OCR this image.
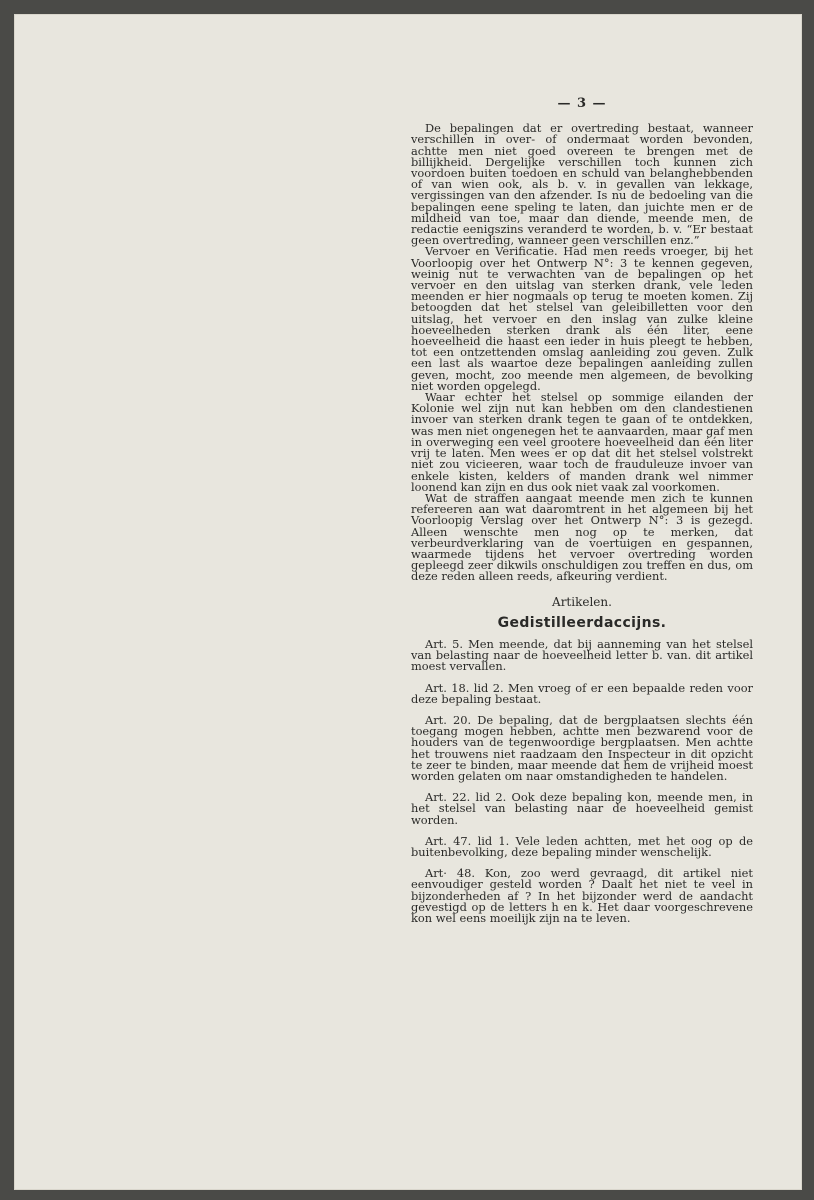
— 3 —

De bepalingen dat er overtreding bestaat, wanneer verschillen in over- of ondermaat worden bevonden, achtte men niet goed overeen te brengen met de billijkheid. Dergelijke verschillen toch kunnen zich voordoen buiten toedoen en schuld van belanghebbenden of van wien ook, als b. v. in gevallen van lekkage, vergissingen van den afzender. Is nu de bedoeling van die bepalingen eene speling te laten, dan juichte men er de mildheid van toe, maar dan diende, meende men, de redactie eenigszins veranderd te worden, b. v. “Er bestaat geen overtreding, wanneer geen verschillen enz.”

Vervoer en Verificatie. Had men reeds vroeger, bij het Voorloopig over het Ontwerp N°: 3 te kennen gegeven, weinig nut te verwachten van de bepalingen op het vervoer en den uitslag van sterken drank, vele leden meenden er hier nogmaals op terug te moeten komen. Zij betoogden dat het stelsel van geleibilletten voor den uitslag, het vervoer en den inslag van zulke kleine hoeveelheden sterken drank als één liter, eene hoeveelheid die haast een ieder in huis pleegt te hebben, tot een ontzettenden omslag aanleiding zou geven. Zulk een last als waartoe deze bepalingen aanleiding zullen geven, mocht, zoo meende men algemeen, de bevolking niet worden opgelegd.

Waar echter het stelsel op sommige eilanden der Kolonie wel zijn nut kan hebben om den clandestienen invoer van sterken drank tegen te gaan of te ontdekken, was men niet ongenegen het te aanvaarden, maar gaf men in overweging een veel grootere hoeveelheid dan één liter vrij te laten. Men wees er op dat dit het stelsel volstrekt niet zou vicieeren, waar toch de frauduleuze invoer van enkele kisten, kelders of manden drank wel nimmer loonend kan zijn en dus ook niet vaak zal voorkomen.

Wat de straffen aangaat meende men zich te kunnen refereeren aan wat daaromtrent in het algemeen bij het Voorloopig Verslag over het Ontwerp N°: 3 is gezegd. Alleen wenschte men nog op te merken, dat verbeurdverklaring van de voertuigen en gespannen, waarmede tijdens het vervoer overtreding worden gepleegd zeer dikwils onschuldigen zou treffen en dus, om deze reden alleen reeds, afkeuring verdient.

Artikelen.
Gedistilleerdaccijns.

Art. 5. Men meende, dat bij aanneming van het stelsel van belasting naar de hoeveelheid letter b. van. dit artikel moest vervallen.

Art. 18. lid 2. Men vroeg of er een bepaalde reden voor deze bepaling bestaat.

Art. 20. De bepaling, dat de bergplaatsen slechts één toegang mogen hebben, achtte men bezwarend voor de houders van de tegenwoordige bergplaatsen. Men achtte het trouwens niet raadzaam den Inspecteur in dit opzicht te zeer te binden, maar meende dat hem de vrijheid moest worden gelaten om naar omstandigheden te handelen.

Art. 22. lid 2. Ook deze bepaling kon, meende men, in het stelsel van belasting naar de hoeveelheid gemist worden.

Art. 47. lid 1. Vele leden achtten, met het oog op de buitenbevolking, deze bepaling minder wenschelijk.

Art· 48. Kon, zoo werd gevraagd, dit artikel niet eenvoudiger gesteld worden ? Daalt het niet te veel in bijzonderheden af ? In het bijzonder werd de aandacht gevestigd op de letters h en k. Het daar voorgeschrevene kon wel eens moeilijk zijn na te leven.
